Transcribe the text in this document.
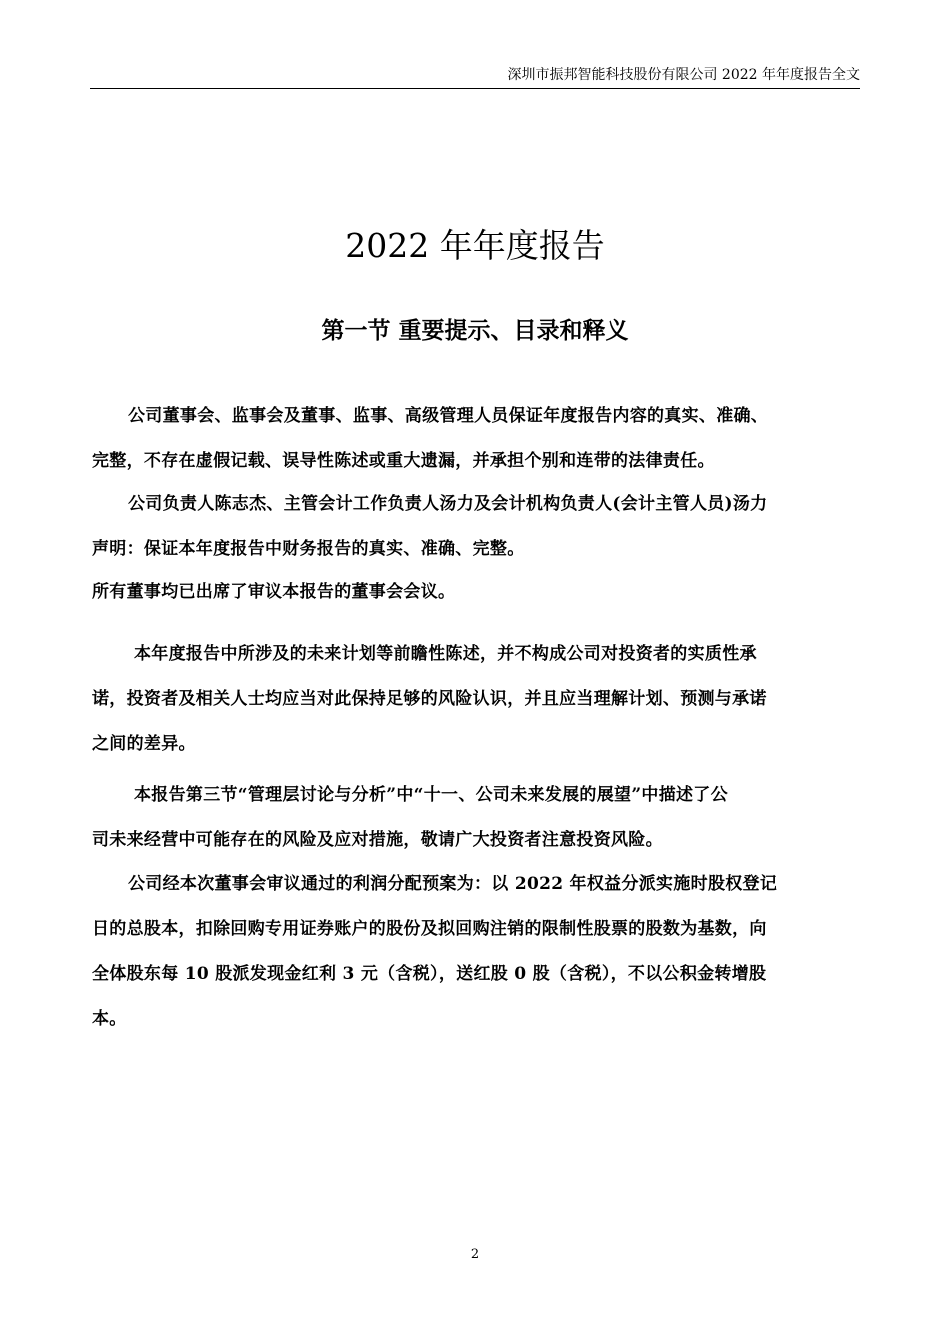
深圳市振邦智能科技股份有限公司 2022 年年度报告全文
2022 年年度报告
第一节 重要提示、目录和释义

公司董事会、监事会及董事、监事、高级管理人员保证年度报告内容的真实、准确、
完整，不存在虚假记载、误导性陈述或重大遗漏，并承担个别和连带的法律责任。

公司负责人陈志杰、主管会计工作负责人汤力及会计机构负责人(会计主管人员)汤力
声明：保证本年度报告中财务报告的真实、准确、完整。

所有董事均已出席了审议本报告的董事会会议。

本年度报告中所涉及的未来计划等前瞻性陈述，并不构成公司对投资者的实质性承
诺，投资者及相关人士均应当对此保持足够的风险认识，并且应当理解计划、预测与承诺
之间的差异。

本报告第三节“管理层讨论与分析”中“十一、公司未来发展的展望”中描述了公
司未来经营中可能存在的风险及应对措施，敬请广大投资者注意投资风险。

公司经本次董事会审议通过的利润分配预案为：以 2022 年权益分派实施时股权登记
日的总股本，扣除回购专用证券账户的股份及拟回购注销的限制性股票的股数为基数，向
全体股东每 10 股派发现金红利 3 元（含税），送红股 0 股（含税），不以公积金转增股
本。

2
